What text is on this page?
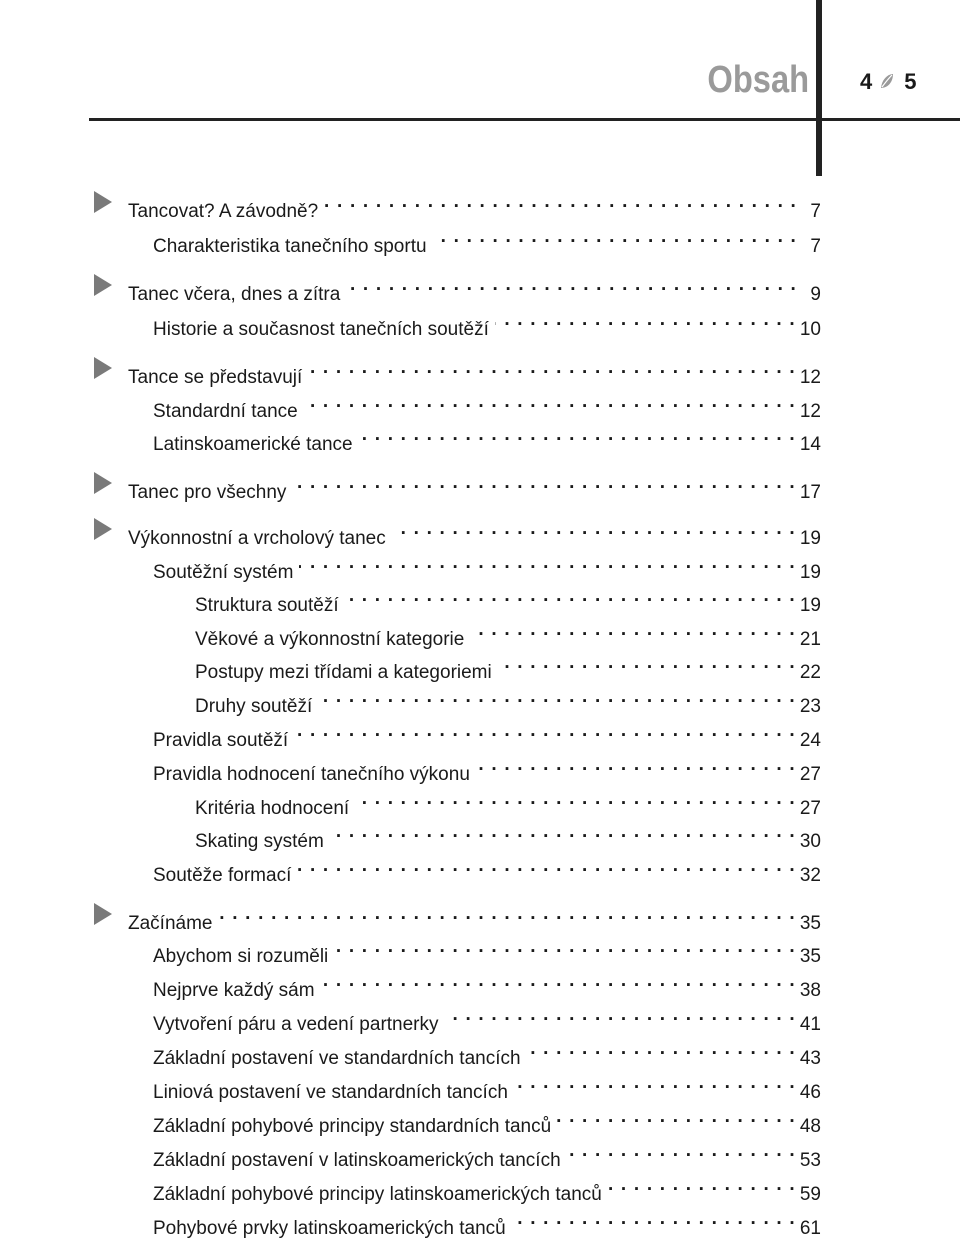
Obsah 4 5
Tancovat? A závodně? . . .	7
Charakteristika tanečního sportu . . .	7
Tanec včera, dnes a zítra . . .	9
Historie a současnost tanečních soutěží . . .	10
Tance se představují . . .	12
Standardní tance . . .	12
Latinskoamerické tance . . .	14
Tanec pro všechny . . .	17
Výkonnostní a vrcholový tanec . . .	19
Soutěžní systém . . .	19
Struktura soutěží . . .	19
Věkové a výkonnostní kategorie . . .	21
Postupy mezi třídami a kategoriemi . . .	22
Druhy soutěží . . .	23
Pravidla soutěží . . .	24
Pravidla hodnocení tanečního výkonu . . .	27
Kritéria hodnocení . . .	27
Skating systém . . .	30
Soutěže formací . . .	32
Začínáme . . .	35
Abychom si rozuměli . . .	35
Nejprve každý sám . . .	38
Vytvoření páru a vedení partnerky . . .	41
Základní postavení ve standardních tancích . . .	43
Liniová postavení ve standardních tancích . . .	46
Základní pohybové principy standardních tanců . . .	48
Základní postavení v latinskoamerických tancích . . .	53
Základní pohybové principy latinskoamerických tanců . . .	59
Pohybové prvky latinskoamerických tanců . . .	61
